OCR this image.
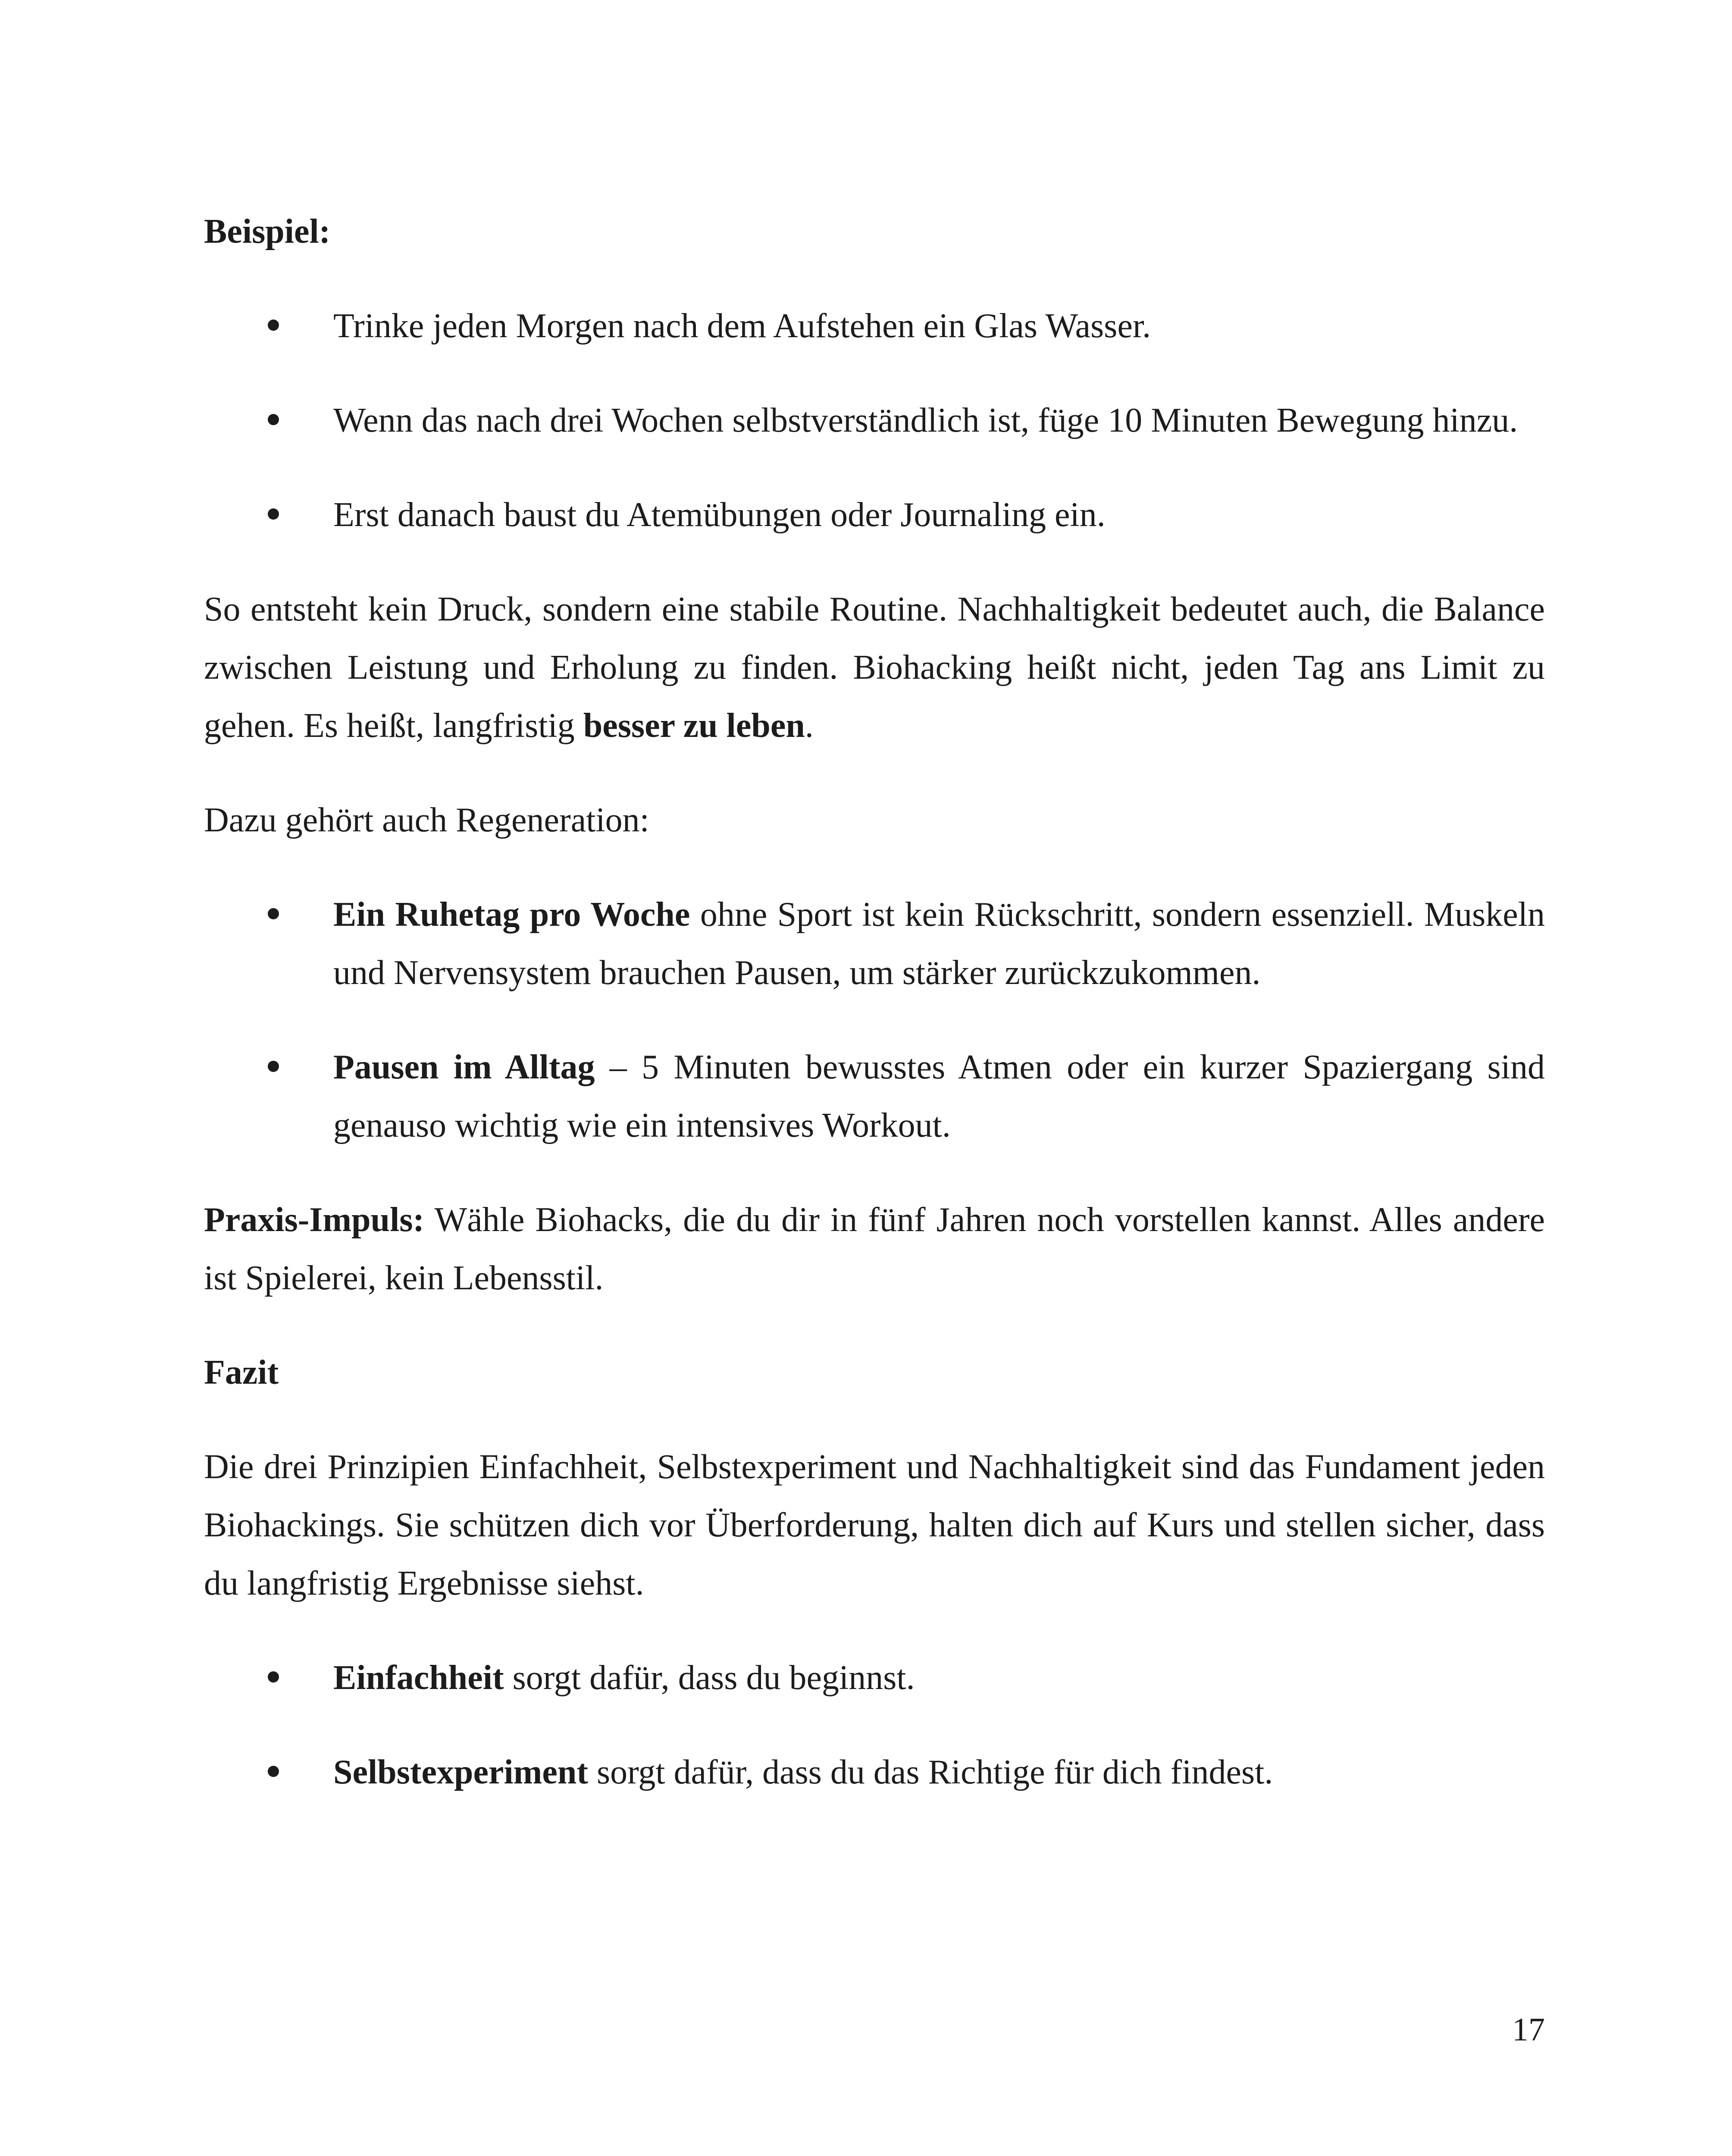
Beispiel:

Trinke jeden Morgen nach dem Aufstehen ein Glas Wasser.
Wenn das nach drei Wochen selbstverständlich ist, füge 10 Minuten Bewegung hinzu.
Erst danach baust du Atemübungen oder Journaling ein.

So entsteht kein Druck, sondern eine stabile Routine. Nachhaltigkeit bedeutet auch, die Balance zwischen Leistung und Erholung zu finden. Biohacking heißt nicht, jeden Tag ans Limit zu gehen. Es heißt, langfristig besser zu leben.

Dazu gehört auch Regeneration:

Ein Ruhetag pro Woche ohne Sport ist kein Rückschritt, sondern essenziell. Muskeln und Nervensystem brauchen Pausen, um stärker zurückzukommen.
Pausen im Alltag – 5 Minuten bewusstes Atmen oder ein kurzer Spaziergang sind genauso wichtig wie ein intensives Workout.

Praxis-Impuls: Wähle Biohacks, die du dir in fünf Jahren noch vorstellen kannst. Alles andere ist Spielerei, kein Lebensstil.

Fazit

Die drei Prinzipien Einfachheit, Selbstexperiment und Nachhaltigkeit sind das Fundament jeden Biohackings. Sie schützen dich vor Überforderung, halten dich auf Kurs und stellen sicher, dass du langfristig Ergebnisse siehst.

Einfachheit sorgt dafür, dass du beginnst.
Selbstexperiment sorgt dafür, dass du das Richtige für dich findest.
17
